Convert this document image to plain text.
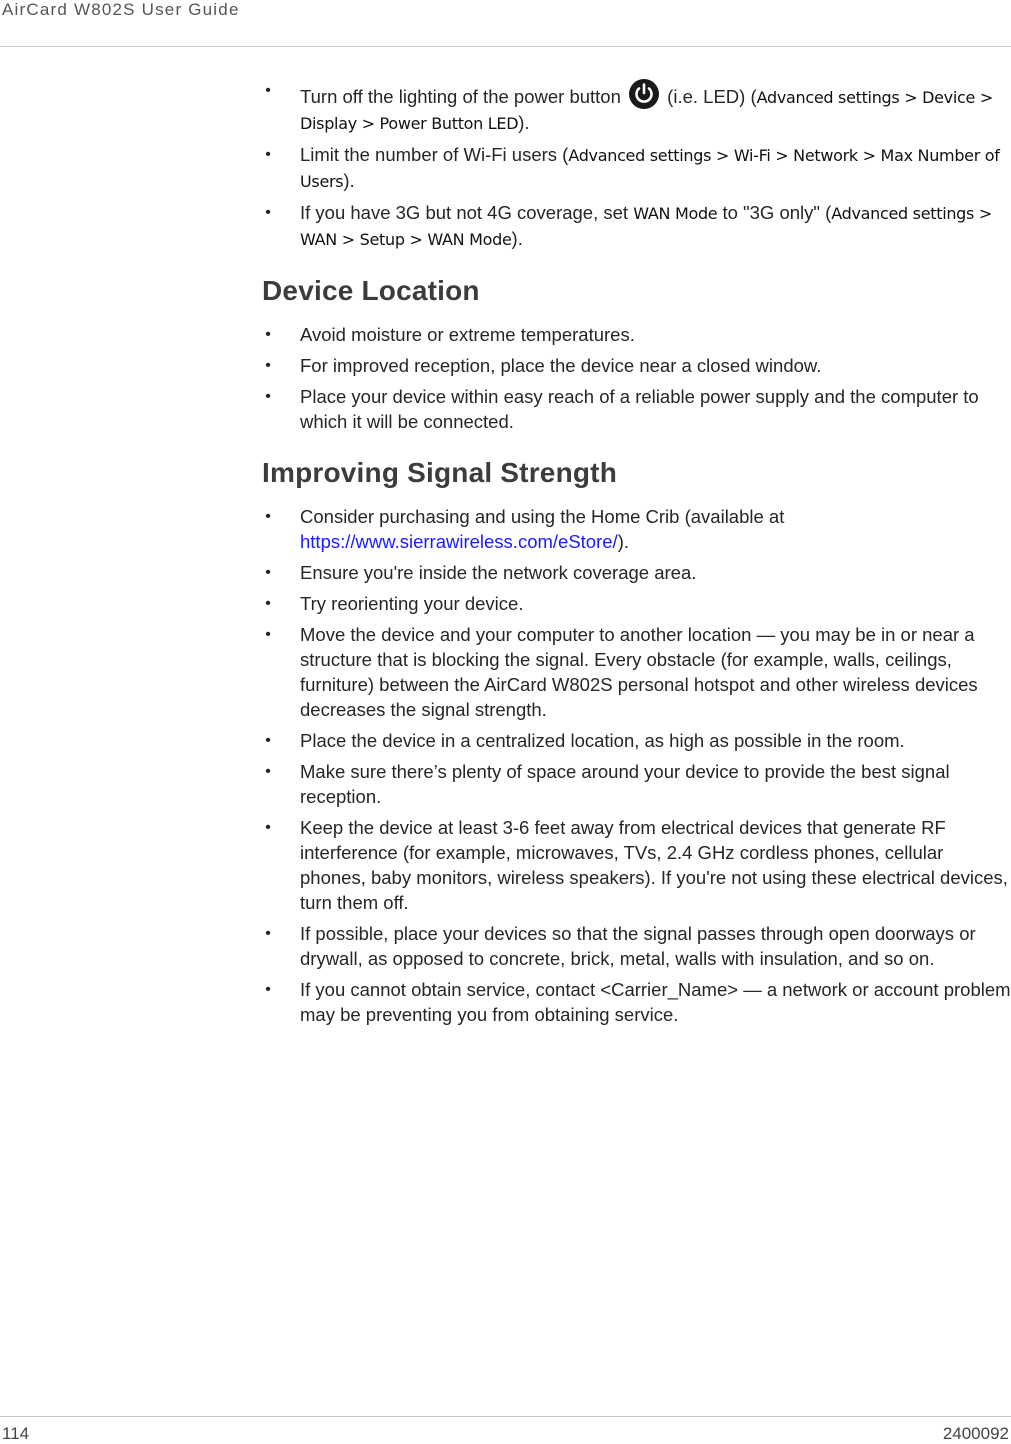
AirCard W802S User Guide
• Turn off the lighting of the power button  (i.e. LED) (Advanced settings > Device > Display > Power Button LED).
• Limit the number of Wi-Fi users (Advanced settings > Wi-Fi > Network > Max Number of Users).
• If you have 3G but not 4G coverage, set WAN Mode to "3G only" (Advanced settings > WAN > Setup > WAN Mode).
Device Location
• Avoid moisture or extreme temperatures.
• For improved reception, place the device near a closed window.
• Place your device within easy reach of a reliable power supply and the computer to which it will be connected.
Improving Signal Strength
• Consider purchasing and using the Home Crib (available at https://www.sierrawireless.com/eStore/).
• Ensure you're inside the network coverage area.
• Try reorienting your device.
• Move the device and your computer to another location — you may be in or near a structure that is blocking the signal. Every obstacle (for example, walls, ceilings, furniture) between the AirCard W802S personal hotspot and other wireless devices decreases the signal strength.
• Place the device in a centralized location, as high as possible in the room.
• Make sure there’s plenty of space around your device to provide the best signal reception.
• Keep the device at least 3-6 feet away from electrical devices that generate RF interference (for example, microwaves, TVs, 2.4 GHz cordless phones, cellular phones, baby monitors, wireless speakers). If you're not using these electrical devices, turn them off.
• If possible, place your devices so that the signal passes through open doorways or drywall, as opposed to concrete, brick, metal, walls with insulation, and so on.
• If you cannot obtain service, contact <Carrier_Name> — a network or account problem may be preventing you from obtaining service.
114	2400092
